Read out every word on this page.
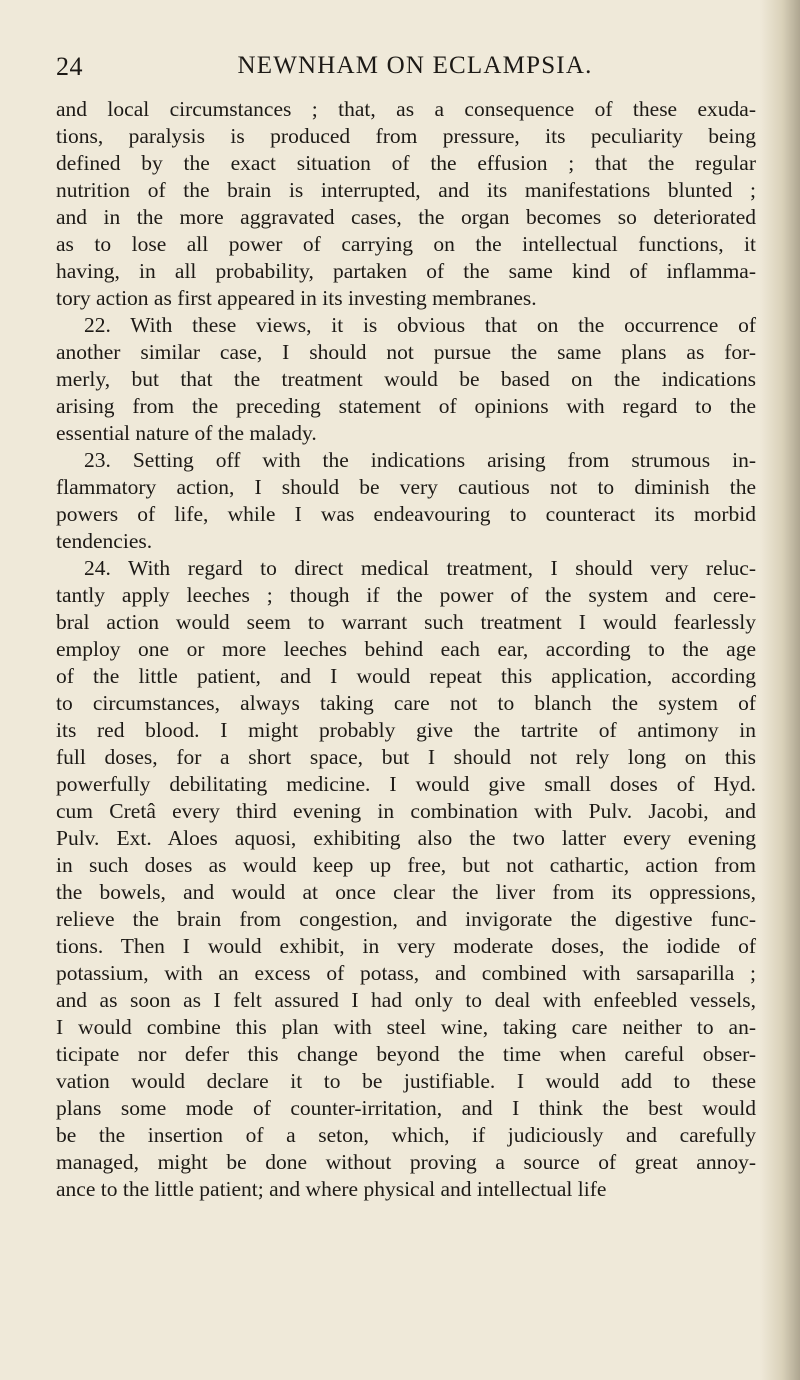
24	NEWNHAM ON ECLAMPSIA.
and local circumstances ; that, as a consequence of these exuda-
tions, paralysis is produced from pressure, its peculiarity being
defined by the exact situation of the effusion ; that the regular
nutrition of the brain is interrupted, and its manifestations blunted ;
and in the more aggravated cases, the organ becomes so deteriorated
as to lose all power of carrying on the intellectual functions, it
having, in all probability, partaken of the same kind of inflamma-
tory action as first appeared in its investing membranes.
22. With these views, it is obvious that on the occurrence of
another similar case, I should not pursue the same plans as for-
merly, but that the treatment would be based on the indications
arising from the preceding statement of opinions with regard to the
essential nature of the malady.
23. Setting off with the indications arising from strumous in-
flammatory action, I should be very cautious not to diminish the
powers of life, while I was endeavouring to counteract its morbid
tendencies.
24. With regard to direct medical treatment, I should very reluc-
tantly apply leeches ; though if the power of the system and cere-
bral action would seem to warrant such treatment I would fearlessly
employ one or more leeches behind each ear, according to the age
of the little patient, and I would repeat this application, according
to circumstances, always taking care not to blanch the system of
its red blood. I might probably give the tartrite of antimony in
full doses, for a short space, but I should not rely long on this
powerfully debilitating medicine. I would give small doses of Hyd.
cum Cretâ every third evening in combination with Pulv. Jacobi, and
Pulv. Ext. Aloes aquosi, exhibiting also the two latter every evening
in such doses as would keep up free, but not cathartic, action from
the bowels, and would at once clear the liver from its oppressions,
relieve the brain from congestion, and invigorate the digestive func-
tions. Then I would exhibit, in very moderate doses, the iodide of
potassium, with an excess of potass, and combined with sarsaparilla ;
and as soon as I felt assured I had only to deal with enfeebled vessels,
I would combine this plan with steel wine, taking care neither to an-
ticipate nor defer this change beyond the time when careful obser-
vation would declare it to be justifiable. I would add to these
plans some mode of counter-irritation, and I think the best would
be the insertion of a seton, which, if judiciously and carefully
managed, might be done without proving a source of great annoy-
ance to the little patient; and where physical and intellectual life
